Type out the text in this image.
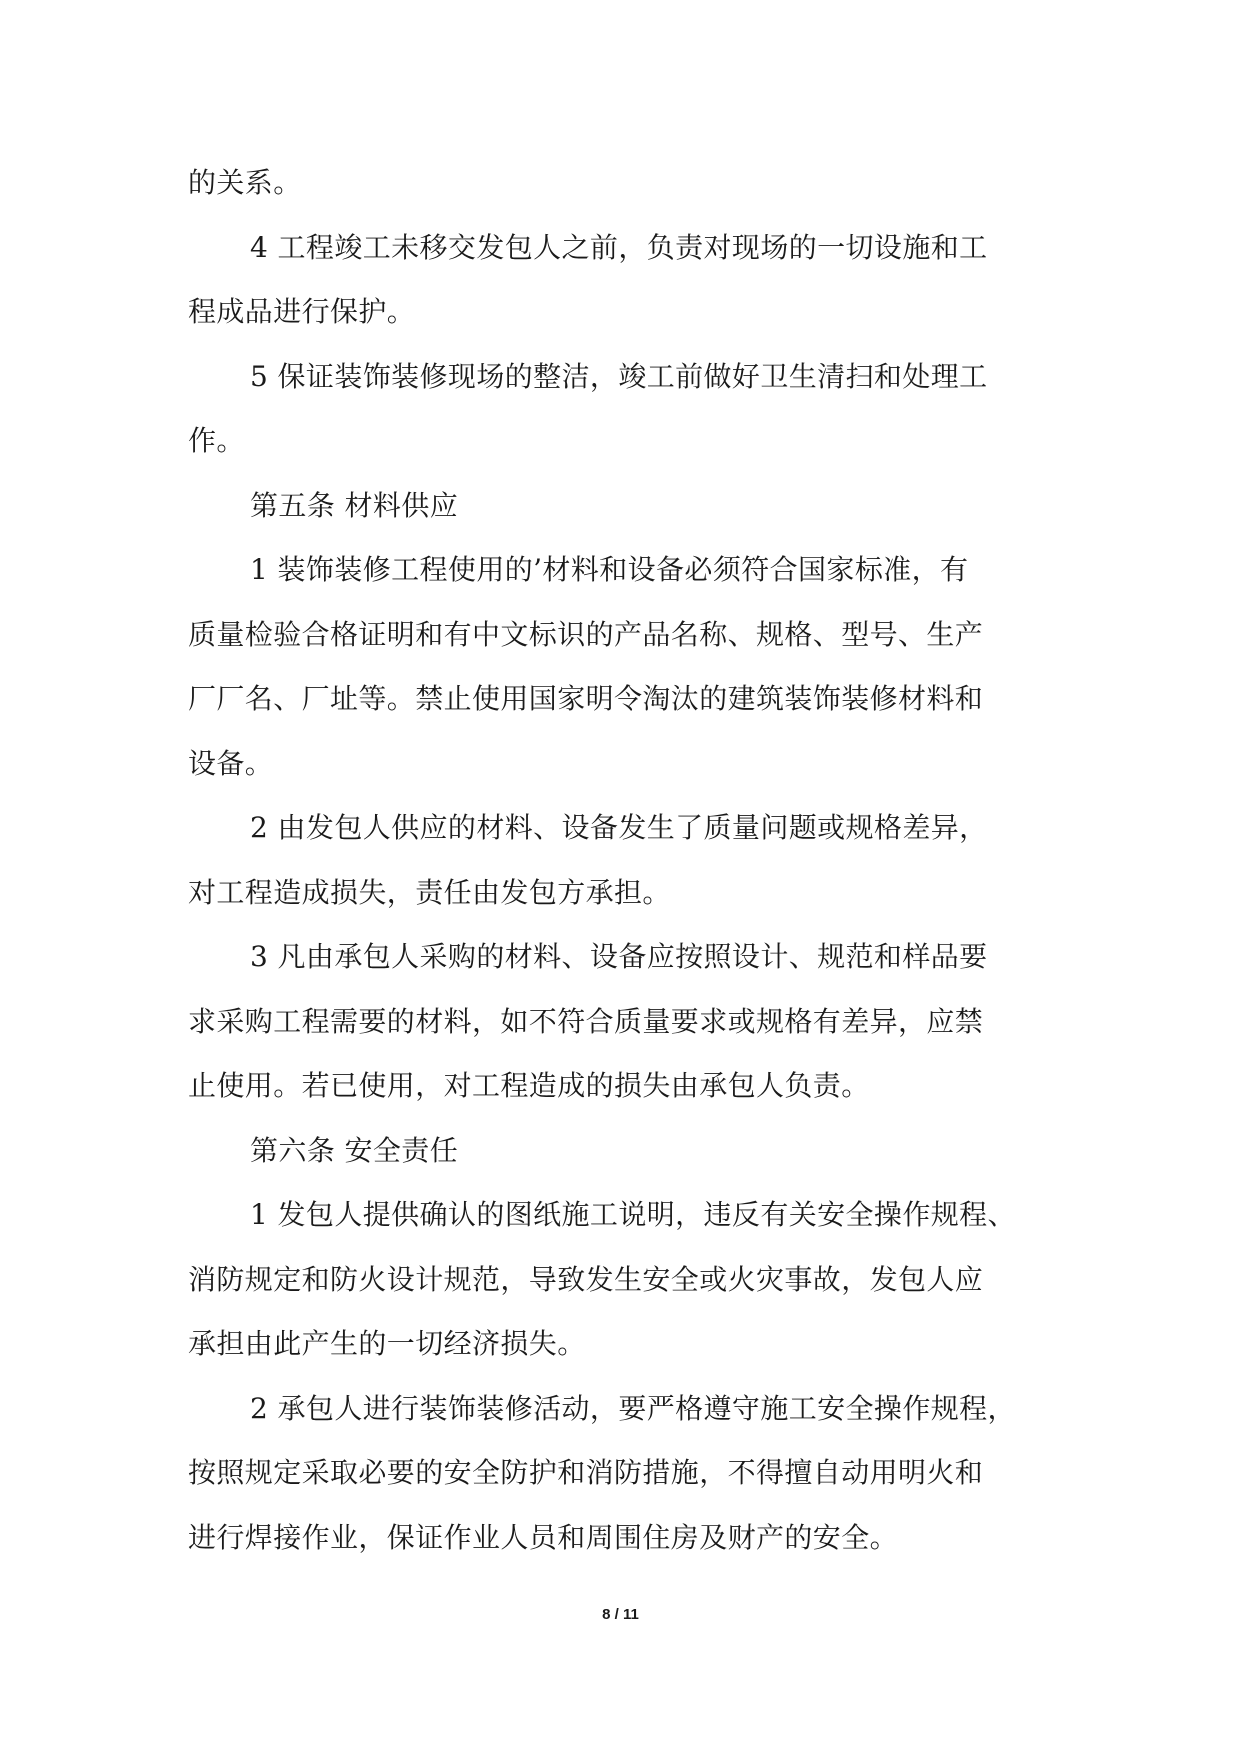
的关系。
4 工程竣工未移交发包人之前，负责对现场的一切设施和工
程成品进行保护。
5 保证装饰装修现场的整洁，竣工前做好卫生清扫和处理工
作。
第五条 材料供应
1 装饰装修工程使用的’材料和设备必须符合国家标准，有
质量检验合格证明和有中文标识的产品名称、规格、型号、生产
厂厂名、厂址等。禁止使用国家明令淘汰的建筑装饰装修材料和
设备。
2 由发包人供应的材料、设备发生了质量问题或规格差异，
对工程造成损失，责任由发包方承担。
3 凡由承包人采购的材料、设备应按照设计、规范和样品要
求采购工程需要的材料，如不符合质量要求或规格有差异，应禁
止使用。若已使用，对工程造成的损失由承包人负责。
第六条 安全责任
1 发包人提供确认的图纸施工说明，违反有关安全操作规程、
消防规定和防火设计规范，导致发生安全或火灾事故，发包人应
承担由此产生的一切经济损失。
2 承包人进行装饰装修活动，要严格遵守施工安全操作规程，
按照规定采取必要的安全防护和消防措施，不得擅自动用明火和
进行焊接作业，保证作业人员和周围住房及财产的安全。
8 / 11
